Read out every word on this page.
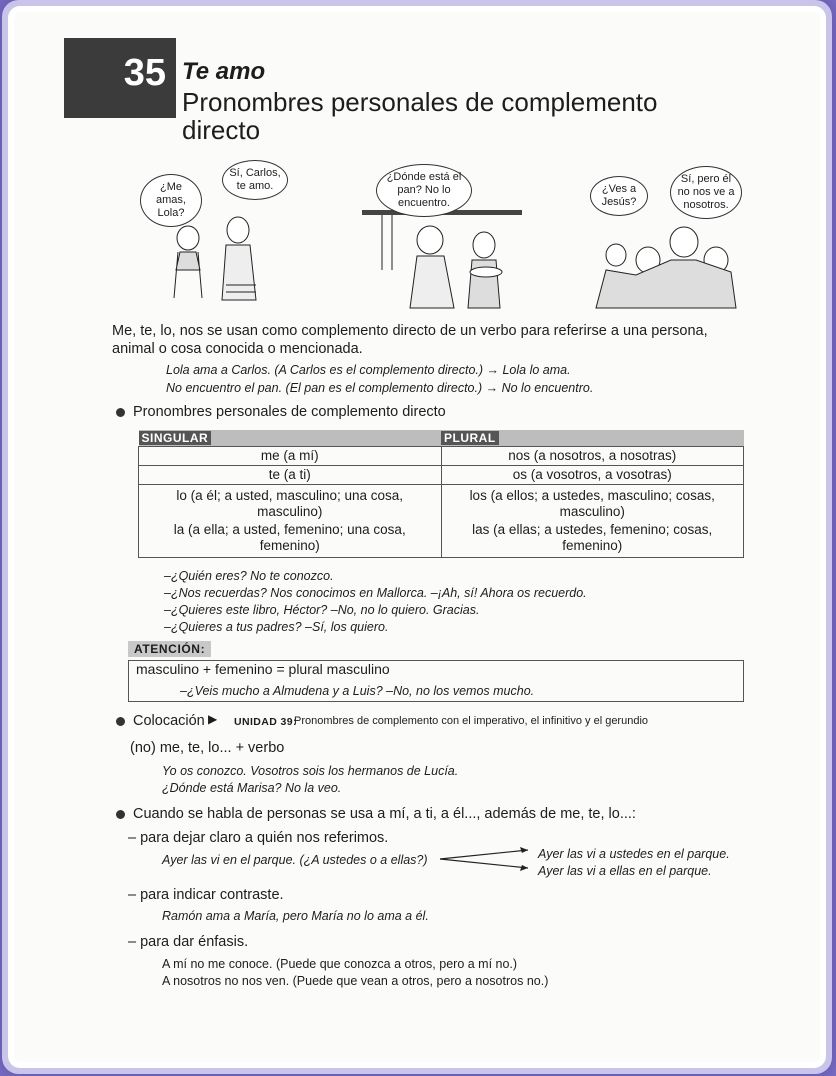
35 Te amo
Pronombres personales de complemento directo
¿Me amas, Lola?
Sí, Carlos, te amo.
¿Dónde está el pan? No lo encuentro.
¿Ves a Jesús?
Sí, pero él no nos ve a nosotros.
Me, te, lo, nos se usan como complemento directo de un verbo para referirse a una persona, animal o cosa conocida o mencionada.
Lola ama a Carlos. (A Carlos es el complemento directo.) → Lola lo ama.
No encuentro el pan. (El pan es el complemento directo.) → No lo encuentro.
Pronombres personales de complemento directo
SINGULAR	PLURAL
me (a mí)	nos (a nosotros, a nosotras)
te (a ti)	os (a vosotros, a vosotras)
lo (a él; a usted, masculino; una cosa, masculino)	los (a ellos; a ustedes, masculino; cosas, masculino)
la (a ella; a usted, femenino; una cosa, femenino)	las (a ellas; a ustedes, femenino; cosas, femenino)
–¿Quién eres? No te conozco.
–¿Nos recuerdas? Nos conocimos en Mallorca. –¡Ah, sí! Ahora os recuerdo.
–¿Quieres este libro, Héctor? –No, no lo quiero. Gracias.
–¿Quieres a tus padres? –Sí, los quiero.
ATENCIÓN:
masculino + femenino = plural masculino
–¿Veis mucho a Almudena y a Luis? –No, no los vemos mucho.
Colocación ▶ UNIDAD 39:
Pronombres de complemento con el imperativo, el infinitivo y el gerundio
(no) me, te, lo... + verbo
Yo os conozco. Vosotros sois los hermanos de Lucía.
¿Dónde está Marisa? No la veo.
Cuando se habla de personas se usa a mí, a ti, a él..., además de me, te, lo...:
– para dejar claro a quién nos referimos.
Ayer las vi en el parque. (¿A ustedes o a ellas?)	Ayer las vi a ustedes en el parque.
Ayer las vi a ellas en el parque.
– para indicar contraste.
Ramón ama a María, pero María no lo ama a él.
– para dar énfasis.
A mí no me conoce. (Puede que conozca a otros, pero a mí no.)
A nosotros no nos ven. (Puede que vean a otros, pero a nosotros no.)
